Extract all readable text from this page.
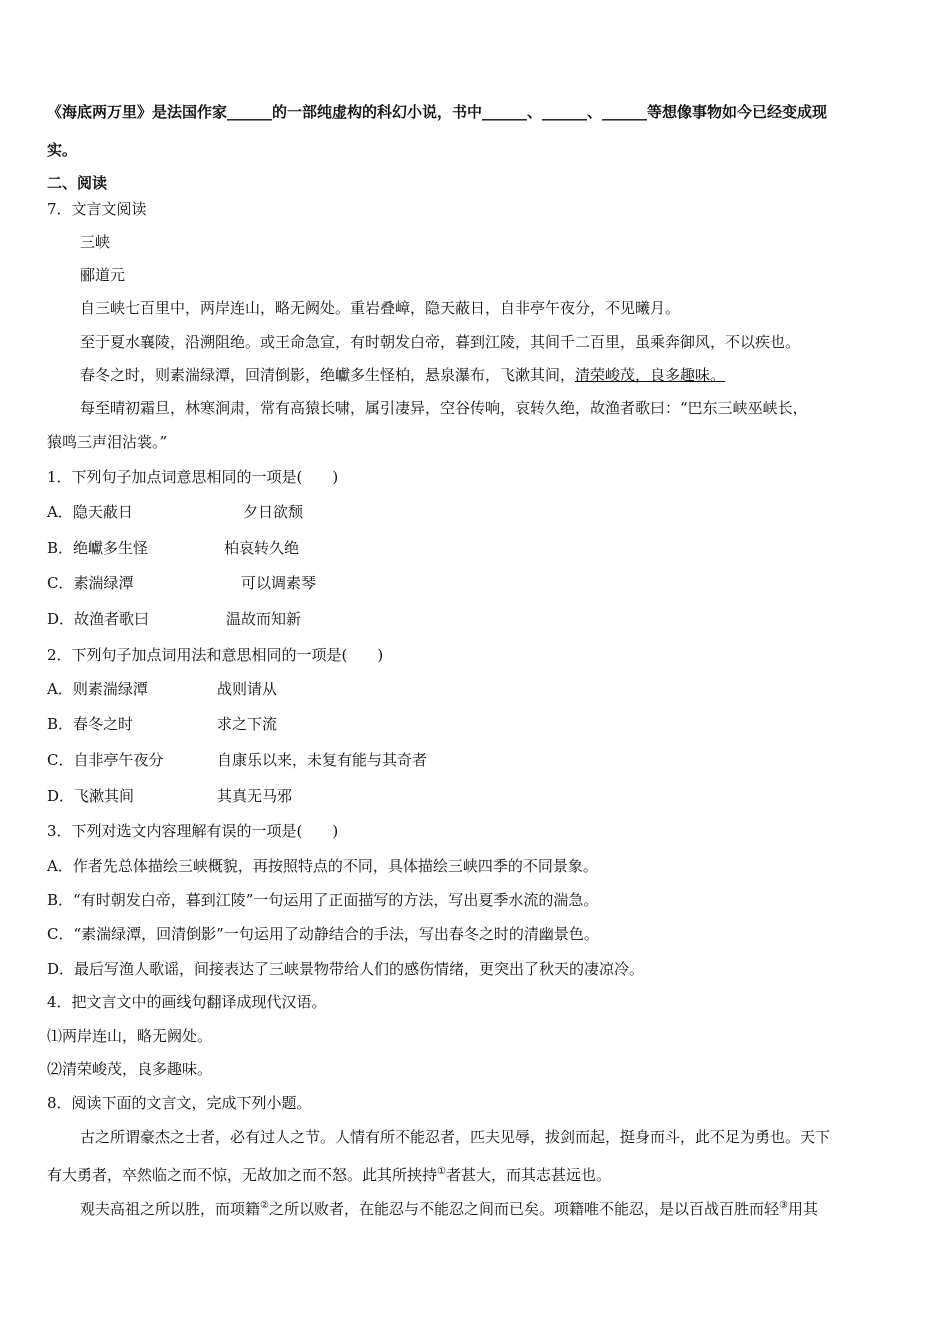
《海底两万里》是法国作家______的一部纯虚构的科幻小说，书中______、______、______等想像事物如今已经变成现
实。
二、阅读
7．文言文阅读
三峡
郦道元
自三峡七百里中，两岸连山，略无阙处。重岩叠嶂，隐天蔽日，自非亭午夜分，不见曦月。
至于夏水襄陵，沿溯阻绝。或王命急宣，有时朝发白帝，暮到江陵，其间千二百里，虽乘奔御风，不以疾也。
春冬之时，则素湍绿潭，回清倒影，绝巘多生怪柏，悬泉瀑布，飞漱其间，清荣峻茂，良多趣味。
每至晴初霜旦，林寒涧肃，常有高猿长啸，属引凄异，空谷传响，哀转久绝，故渔者歌曰：“巴东三峡巫峡长，
猿鸣三声泪沾裳。”
1．下列句子加点词意思相同的一项是(　　)
A．隐天蔽日	夕日欲颓
B．绝巘多生怪	柏哀转久绝
C．素湍绿潭	可以调素琴
D．故渔者歌曰	温故而知新
2．下列句子加点词用法和意思相同的一项是(　　)
A．则素湍绿潭	战则请从
B．春冬之时	求之下流
C．自非亭午夜分	自康乐以来，未复有能与其奇者
D．飞漱其间	其真无马邪
3．下列对选文内容理解有误的一项是(　　)
A．作者先总体描绘三峡概貌，再按照特点的不同，具体描绘三峡四季的不同景象。
B．“有时朝发白帝，暮到江陵”一句运用了正面描写的方法，写出夏季水流的湍急。
C．“素湍绿潭，回清倒影”一句运用了动静结合的手法，写出春冬之时的清幽景色。
D．最后写渔人歌谣，间接表达了三峡景物带给人们的感伤情绪，更突出了秋天的凄凉冷。
4．把文言文中的画线句翻译成现代汉语。
⑴两岸连山，略无阙处。
⑵清荣峻茂，良多趣味。
8．阅读下面的文言文，完成下列小题。
古之所谓豪杰之士者，必有过人之节。人情有所不能忍者，匹夫见辱，拔剑而起，挺身而斗，此不足为勇也。天下
有大勇者，卒然临之而不惊，无故加之而不怒。此其所挟持①者甚大，而其志甚远也。
观夫高祖之所以胜，而项籍②之所以败者，在能忍与不能忍之间而已矣。项籍唯不能忍，是以百战百胜而轻③用其
